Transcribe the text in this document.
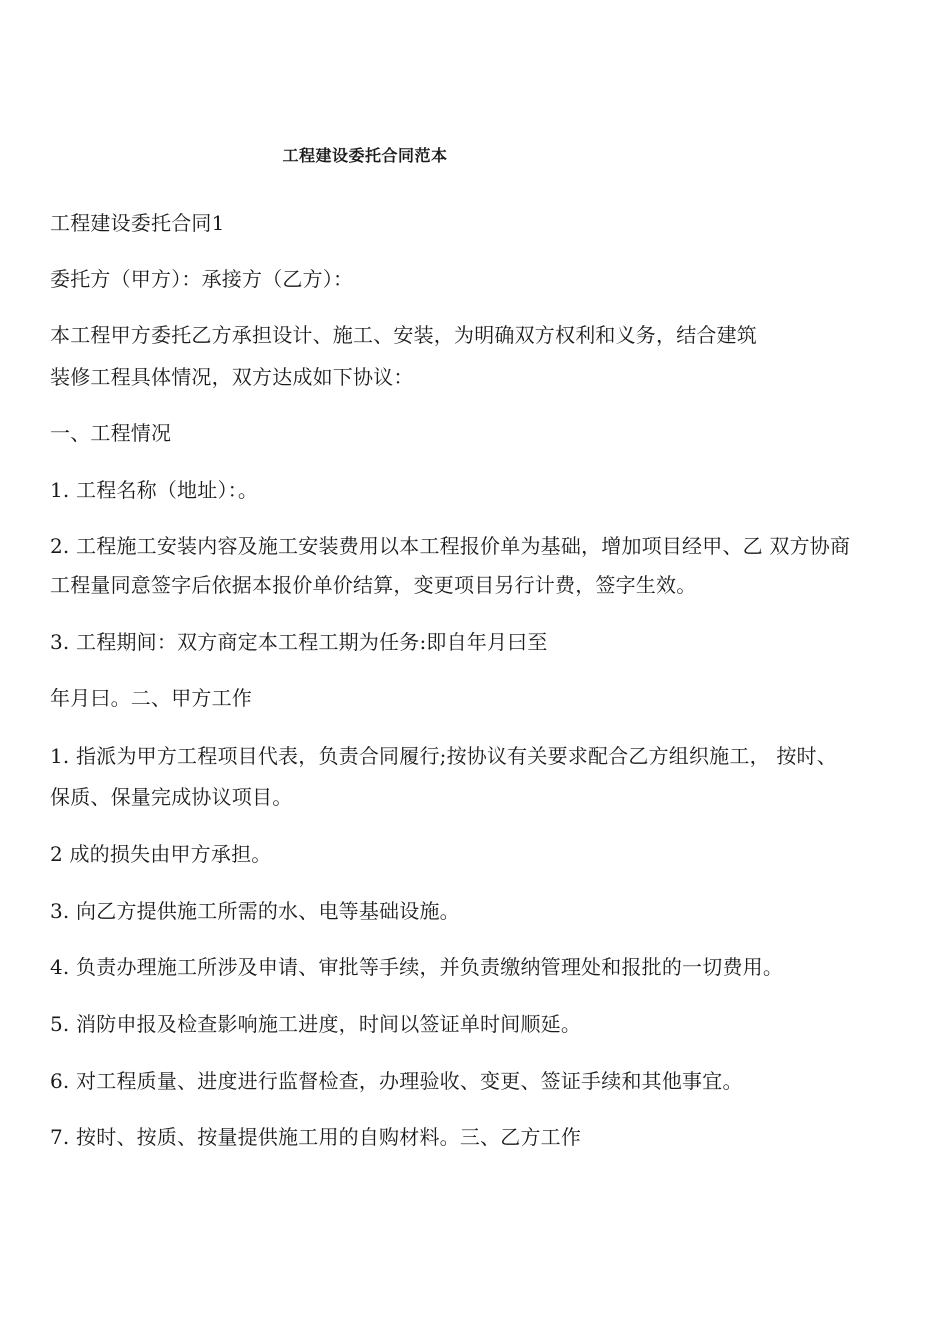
工程建设委托合同范本
工程建设委托合同1
委托方（甲方）：承接方（乙方）：
本工程甲方委托乙方承担设计、施工、安装，为明确双方权利和义务，结合建筑
装修工程具体情况，双方达成如下协议：
一、工程情况
1. 工程名称（地址）：。
2. 工程施工安装内容及施工安装费用以本工程报价单为基础，增加项目经甲、乙 双方协商
工程量同意签字后依据本报价单价结算，变更项目另行计费，签字生效。
3. 工程期间：双方商定本工程工期为任务:即自年月曰至
年月曰。二、甲方工作
1. 指派为甲方工程项目代表，负责合同履行;按协议有关要求配合乙方组织施工， 按时、
保质、保量完成协议项目。
2 成的损失由甲方承担。
3. 向乙方提供施工所需的水、电等基础设施。
4. 负责办理施工所涉及申请、审批等手续，并负责缴纳管理处和报批的一切费用。
5. 消防申报及检查影响施工进度，时间以签证单时间顺延。
6. 对工程质量、进度进行监督检查，办理验收、变更、签证手续和其他事宜。
7. 按时、按质、按量提供施工用的自购材料。三、乙方工作
